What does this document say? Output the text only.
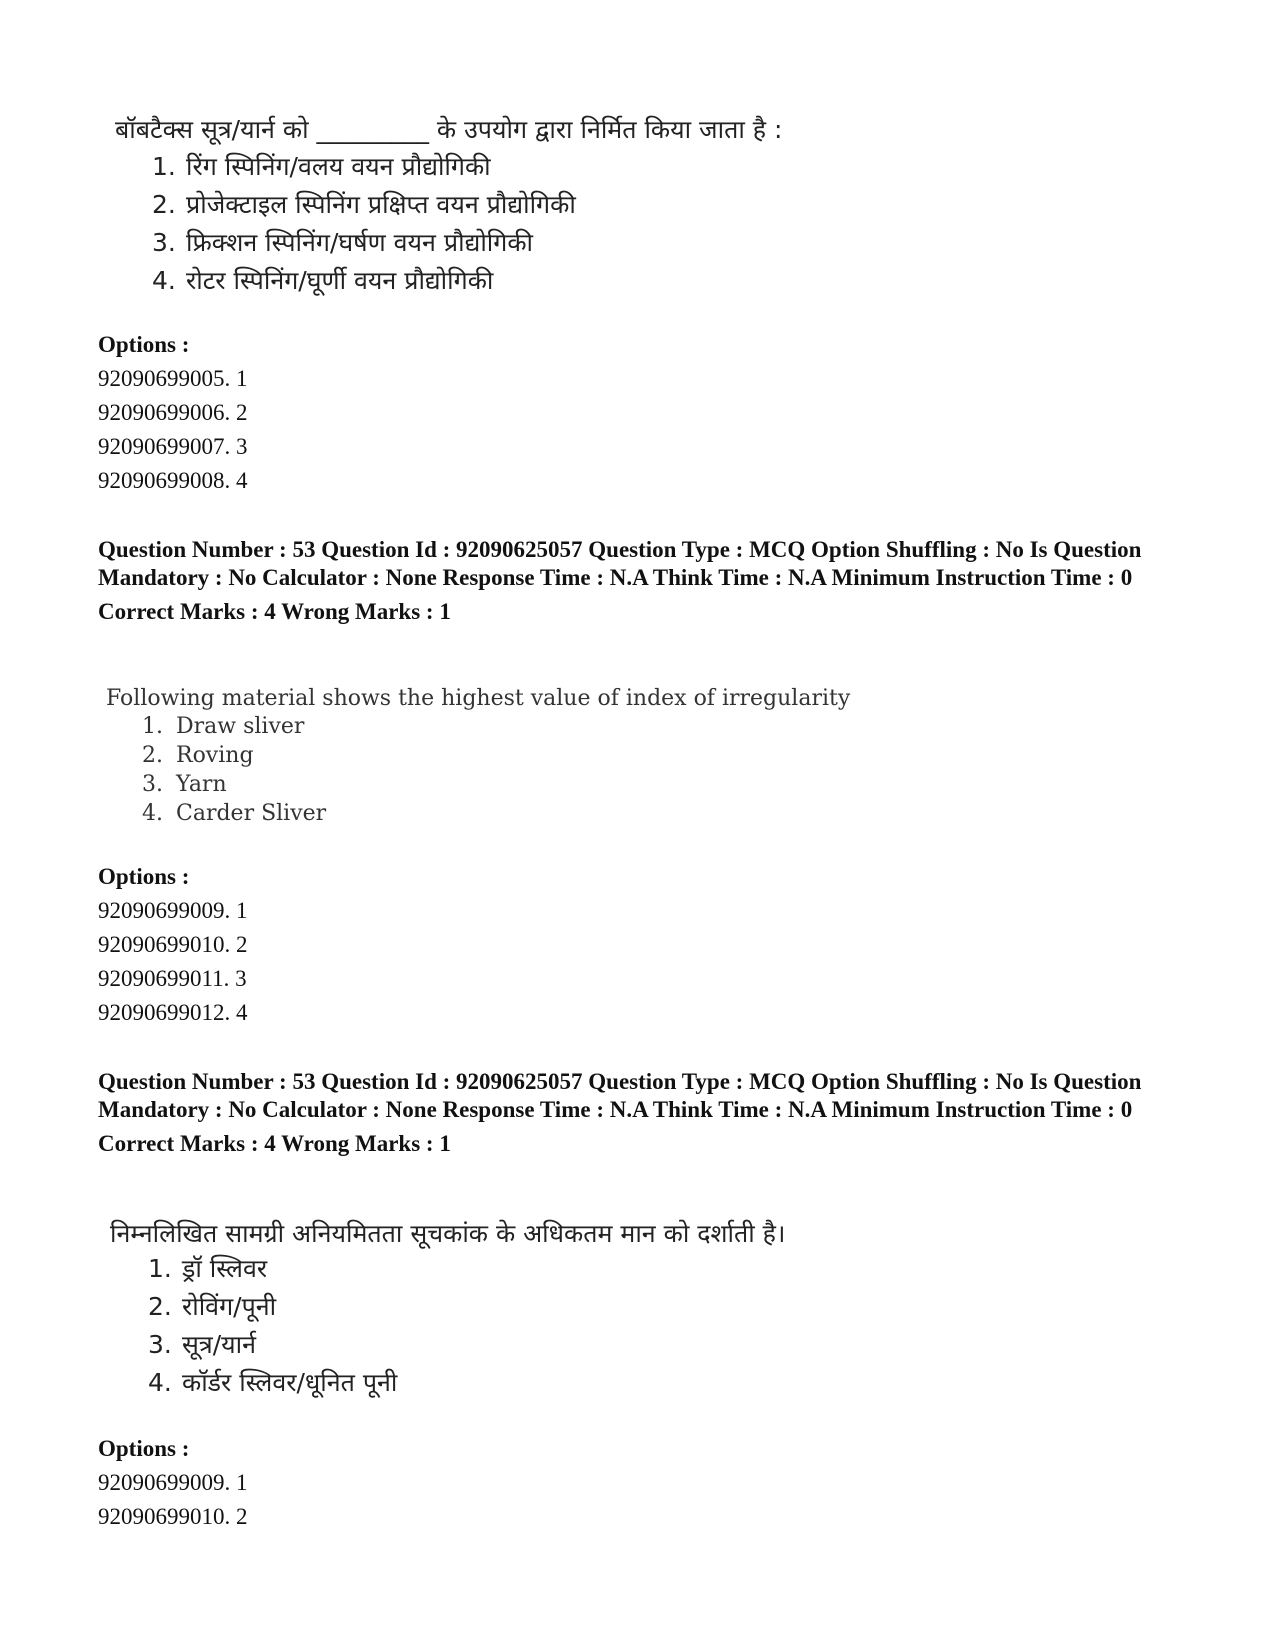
बॉबटैक्स सूत्र/यार्न को _________ के उपयोग द्वारा निर्मित किया जाता है :
1. रिंग स्पिनिंग/वलय वयन प्रौद्योगिकी
2. प्रोजेक्टाइल स्पिनिंग प्रक्षिप्त वयन प्रौद्योगिकी
3. फ्रिक्शन स्पिनिंग/घर्षण वयन प्रौद्योगिकी
4. रोटर स्पिनिंग/घूर्णी वयन प्रौद्योगिकी
Options :
92090699005. 1
92090699006. 2
92090699007. 3
92090699008. 4

Question Number : 53 Question Id : 92090625057 Question Type : MCQ Option Shuffling : No Is Question Mandatory : No Calculator : None Response Time : N.A Think Time : N.A Minimum Instruction Time : 0

Correct Marks : 4 Wrong Marks : 1

Following material shows the highest value of index of irregularity
1. Draw sliver
2. Roving
3. Yarn
4. Carder Sliver
Options :
92090699009. 1
92090699010. 2
92090699011. 3
92090699012. 4

Question Number : 53 Question Id : 92090625057 Question Type : MCQ Option Shuffling : No Is Question Mandatory : No Calculator : None Response Time : N.A Think Time : N.A Minimum Instruction Time : 0

Correct Marks : 4 Wrong Marks : 1

निम्नलिखित सामग्री अनियमितता सूचकांक के अधिकतम मान को दर्शाती है।
1. ड्रॉ स्लिवर
2. रोविंग/पूनी
3. सूत्र/यार्न
4. कॉर्डर स्लिवर/धूनित पूनी
Options :
92090699009. 1
92090699010. 2
